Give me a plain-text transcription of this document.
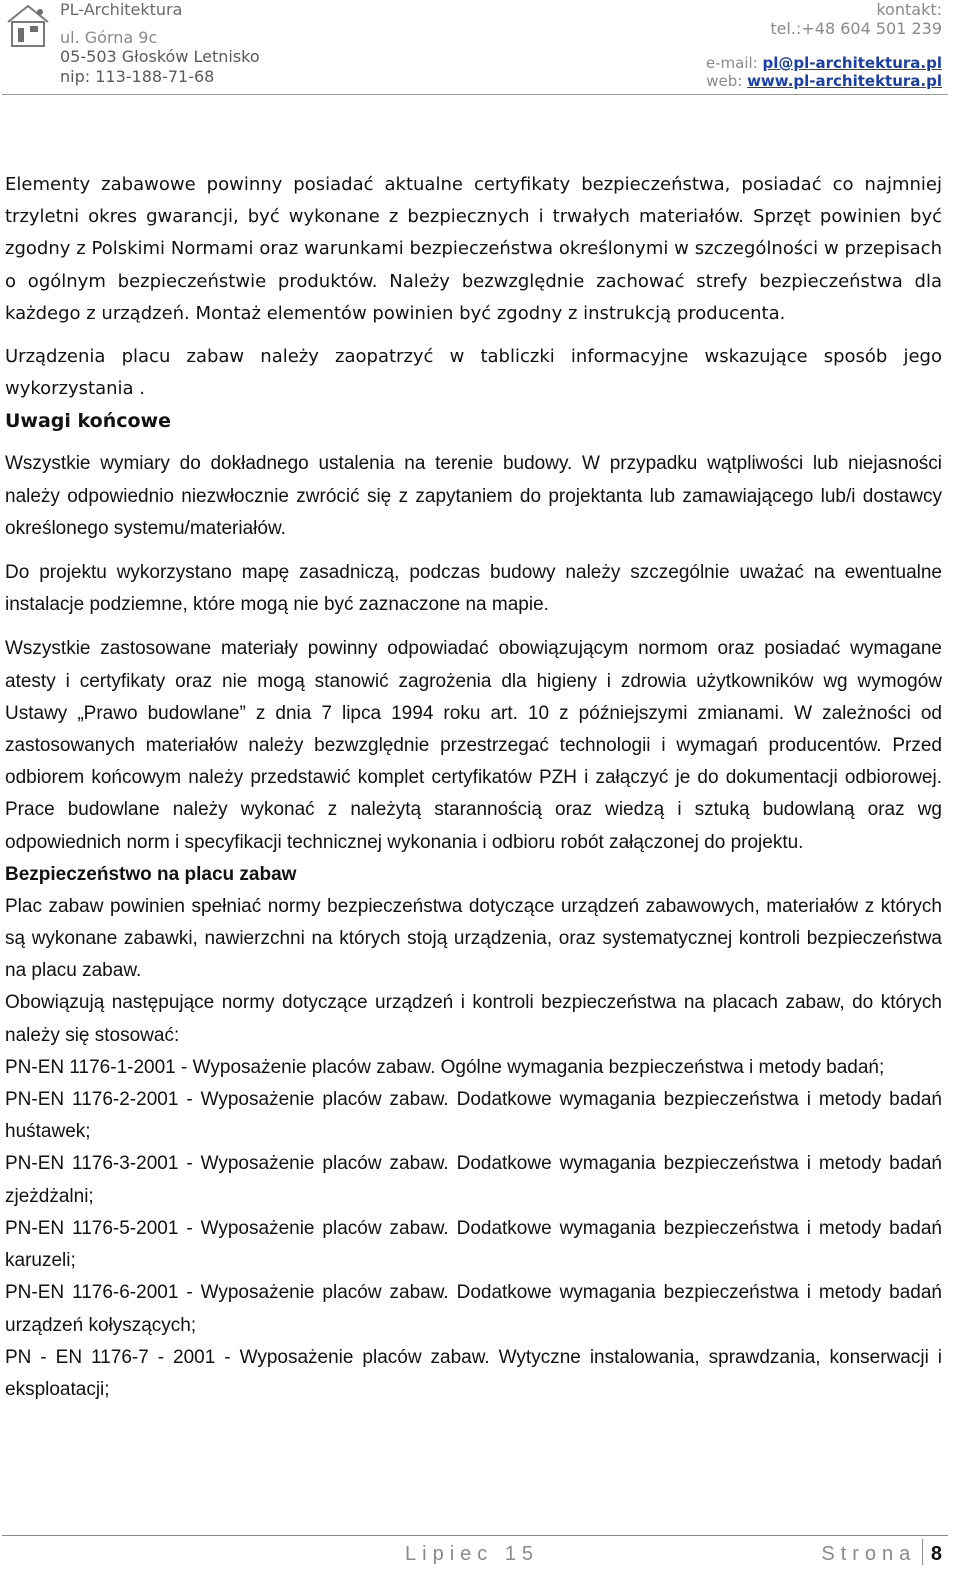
PL-Architektura
ul. Górna 9c
05-503 Głosków Letnisko
nip: 113-188-71-68
kontakt:
tel.:+48 604 501 239
e-mail: pl@pl-architektura.pl
web: www.pl-architektura.pl

Elementy zabawowe powinny posiadać aktualne certyfikaty bezpieczeństwa, posiadać co najmniej trzyletni okres gwarancji, być wykonane z bezpiecznych i trwałych materiałów. Sprzęt powinien być zgodny z Polskimi Normami oraz warunkami bezpieczeństwa określonymi w szczególności w przepisach o ogólnym bezpieczeństwie produktów. Należy bezwzględnie zachować strefy bezpieczeństwa dla każdego z urządzeń. Montaż elementów powinien być zgodny z instrukcją producenta.

Urządzenia placu zabaw należy zaopatrzyć w tabliczki informacyjne wskazujące sposób jego wykorzystania .

Uwagi końcowe

Wszystkie wymiary do dokładnego ustalenia na terenie budowy. W przypadku wątpliwości lub niejasności należy odpowiednio niezwłocznie zwrócić się z zapytaniem do projektanta lub zamawiającego lub/i dostawcy określonego systemu/materiałów.

Do projektu wykorzystano mapę zasadniczą, podczas budowy należy szczególnie uważać na ewentualne instalacje podziemne, które mogą nie być zaznaczone na mapie.

Wszystkie zastosowane materiały powinny odpowiadać obowiązującym normom oraz posiadać wymagane atesty i certyfikaty oraz nie mogą stanowić zagrożenia dla higieny i zdrowia użytkowników wg wymogów Ustawy „Prawo budowlane” z dnia 7 lipca 1994 roku art. 10 z późniejszymi zmianami. W zależności od zastosowanych materiałów należy bezwzględnie przestrzegać technologii i wymagań producentów. Przed odbiorem końcowym należy przedstawić komplet certyfikatów PZH i załączyć je do dokumentacji odbiorowej. Prace budowlane należy wykonać z należytą starannością oraz wiedzą i sztuką budowlaną oraz wg odpowiednich norm i specyfikacji technicznej wykonania i odbioru robót załączonej do projektu.

Bezpieczeństwo na placu zabaw

Plac zabaw powinien spełniać normy bezpieczeństwa dotyczące urządzeń zabawowych, materiałów z których są wykonane zabawki, nawierzchni na których stoją urządzenia, oraz systematycznej kontroli bezpieczeństwa na placu zabaw.

Obowiązują następujące normy dotyczące urządzeń i kontroli bezpieczeństwa na placach zabaw, do których należy się stosować:

PN‐EN 1176‐1‐2001 ‐ Wyposażenie placów zabaw. Ogólne wymagania bezpieczeństwa i metody badań;

PN‐EN 1176‐2‐2001 ‐ Wyposażenie placów zabaw. Dodatkowe wymagania bezpieczeństwa i metody badań huśtawek;

PN‐EN 1176‐3‐2001 ‐ Wyposażenie placów zabaw. Dodatkowe wymagania bezpieczeństwa i metody badań zjeżdżalni;

PN‐EN 1176‐5‐2001 ‐ Wyposażenie placów zabaw. Dodatkowe wymagania bezpieczeństwa i metody badań karuzeli;

PN‐EN 1176‐6‐2001 ‐ Wyposażenie placów zabaw. Dodatkowe wymagania bezpieczeństwa i metody badań urządzeń kołyszących;

PN ‐ EN 1176‐7 ‐ 2001 ‐ Wyposażenie placów zabaw. Wytyczne instalowania, sprawdzania, konserwacji i eksploatacji;

Lipiec 15	Strona 8
